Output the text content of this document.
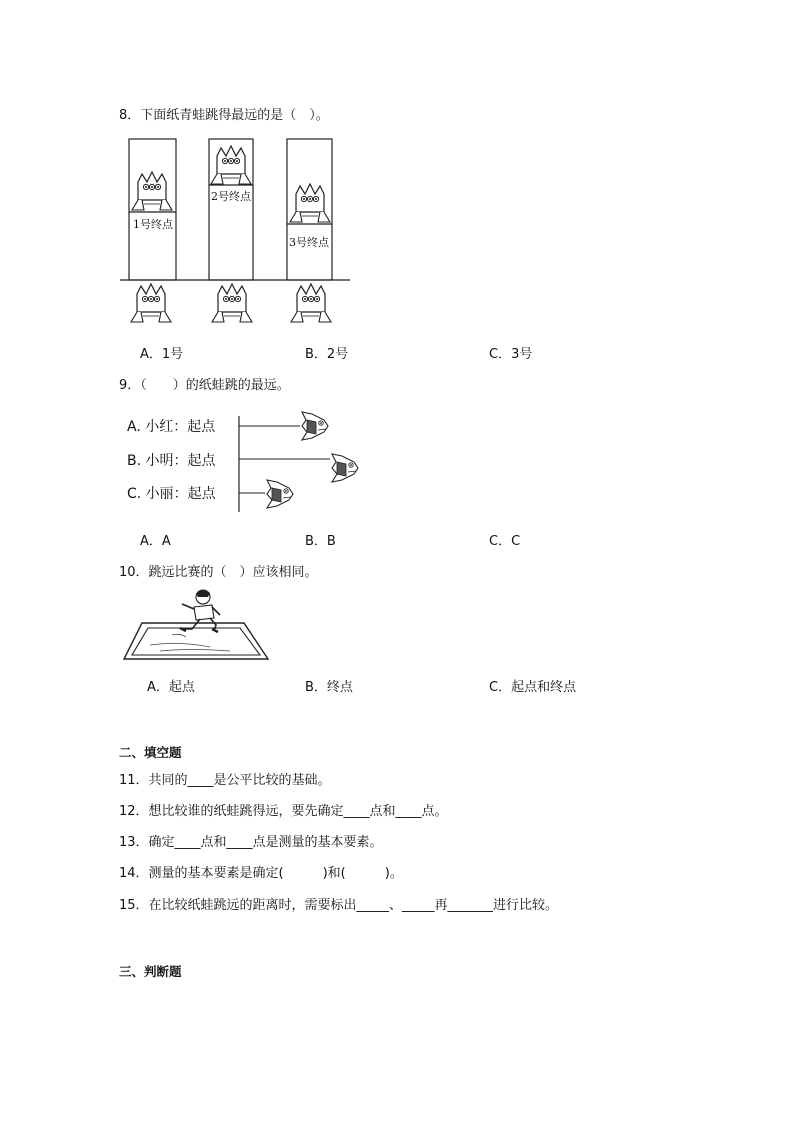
8．下面纸青蛙跳得最远的是（　）。
1号终点
2号终点
3号终点
A．1号	B．2号	C．3号
9．（　　）的纸蛙跳的最远。
A. 小红：起点
B. 小明：起点
C. 小丽：起点
A．A	B．B	C．C
10．跳远比赛的（　）应该相同。
A．起点	B．终点	C．起点和终点
二、填空题
11．共同的____是公平比较的基础。
12．想比较谁的纸蛙跳得远，要先确定____点和____点。
13．确定____点和____点是测量的基本要素。
14．测量的基本要素是确定(　　　)和(　　　)。
15．在比较纸蛙跳远的距离时，需要标出_____、_____再_______进行比较。
三、判断题
